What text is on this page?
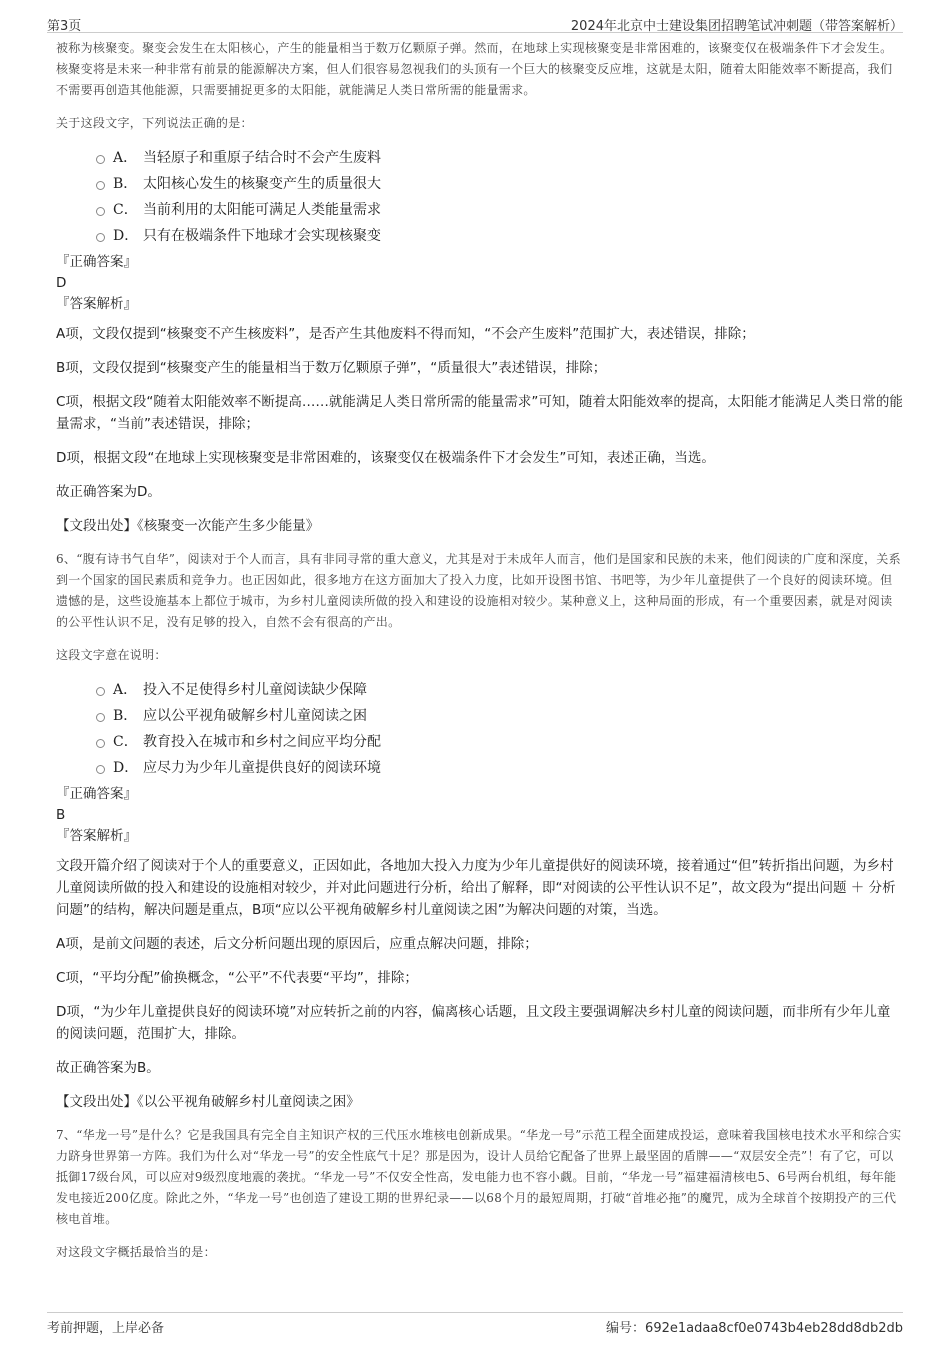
第3页	2024年北京中士建设集团招聘笔试冲刺题（带答案解析）

被称为核聚变。聚变会发生在太阳核心，产生的能量相当于数万亿颗原子弹。然而，在地球上实现核聚变是非常困难的，该聚变仅在极端条件下才会发生。核聚变将是未来一种非常有前景的能源解决方案，但人们很容易忽视我们的头顶有一个巨大的核聚变反应堆，这就是太阳，随着太阳能效率不断提高，我们不需要再创造其他能源，只需要捕捉更多的太阳能，就能满足人类日常所需的能量需求。

关于这段文字，下列说法正确的是：

A． 当轻原子和重原子结合时不会产生废料
B． 太阳核心发生的核聚变产生的质量很大
C． 当前利用的太阳能可满足人类能量需求
D． 只有在极端条件下地球才会实现核聚变

『正确答案』

D

『答案解析』

A项，文段仅提到“核聚变不产生核废料”，是否产生其他废料不得而知，“不会产生废料”范围扩大，表述错误，排除；

B项，文段仅提到“核聚变产生的能量相当于数万亿颗原子弹”，“质量很大”表述错误，排除；

C项，根据文段“随着太阳能效率不断提高……就能满足人类日常所需的能量需求”可知，随着太阳能效率的提高，太阳能才能满足人类日常的能量需求，“当前”表述错误，排除；

D项，根据文段“在地球上实现核聚变是非常困难的，该聚变仅在极端条件下才会发生”可知，表述正确，当选。

故正确答案为D。

【文段出处】《核聚变一次能产生多少能量》

6、“腹有诗书气自华”，阅读对于个人而言，具有非同寻常的重大意义，尤其是对于未成年人而言，他们是国家和民族的未来，他们阅读的广度和深度，关系到一个国家的国民素质和竞争力。也正因如此，很多地方在这方面加大了投入力度，比如开设图书馆、书吧等，为少年儿童提供了一个良好的阅读环境。但遗憾的是，这些设施基本上都位于城市，为乡村儿童阅读所做的投入和建设的设施相对较少。某种意义上，这种局面的形成，有一个重要因素，就是对阅读的公平性认识不足，没有足够的投入，自然不会有很高的产出。

这段文字意在说明：

A． 投入不足使得乡村儿童阅读缺少保障
B． 应以公平视角破解乡村儿童阅读之困
C． 教育投入在城市和乡村之间应平均分配
D． 应尽力为少年儿童提供良好的阅读环境

『正确答案』

B

『答案解析』

文段开篇介绍了阅读对于个人的重要意义，正因如此，各地加大投入力度为少年儿童提供好的阅读环境，接着通过“但”转折指出问题，为乡村儿童阅读所做的投入和建设的设施相对较少，并对此问题进行分析，给出了解释，即“对阅读的公平性认识不足”，故文段为“提出问题 ＋ 分析问题”的结构，解决问题是重点，B项“应以公平视角破解乡村儿童阅读之困”为解决问题的对策，当选。

A项，是前文问题的表述，后文分析问题出现的原因后，应重点解决问题，排除；

C项，“平均分配”偷换概念，“公平”不代表要“平均”，排除；

D项，“为少年儿童提供良好的阅读环境”对应转折之前的内容，偏离核心话题，且文段主要强调解决乡村儿童的阅读问题，而非所有少年儿童的阅读问题，范围扩大，排除。

故正确答案为B。

【文段出处】《以公平视角破解乡村儿童阅读之困》

7、“华龙一号”是什么？它是我国具有完全自主知识产权的三代压水堆核电创新成果。“华龙一号”示范工程全面建成投运，意味着我国核电技术水平和综合实力跻身世界第一方阵。我们为什么对“华龙一号”的安全性底气十足？那是因为，设计人员给它配备了世界上最坚固的盾牌——“双层安全壳”！有了它，可以抵御17级台风，可以应对9级烈度地震的袭扰。“华龙一号”不仅安全性高，发电能力也不容小觑。目前，“华龙一号”福建福清核电5、6号两台机组，每年能发电接近200亿度。除此之外，“华龙一号”也创造了建设工期的世界纪录——以68个月的最短周期，打破“首堆必拖”的魔咒，成为全球首个按期投产的三代核电首堆。

对这段文字概括最恰当的是：

考前押题，上岸必备	编号：692e1adaa8cf0e0743b4eb28dd8db2db
